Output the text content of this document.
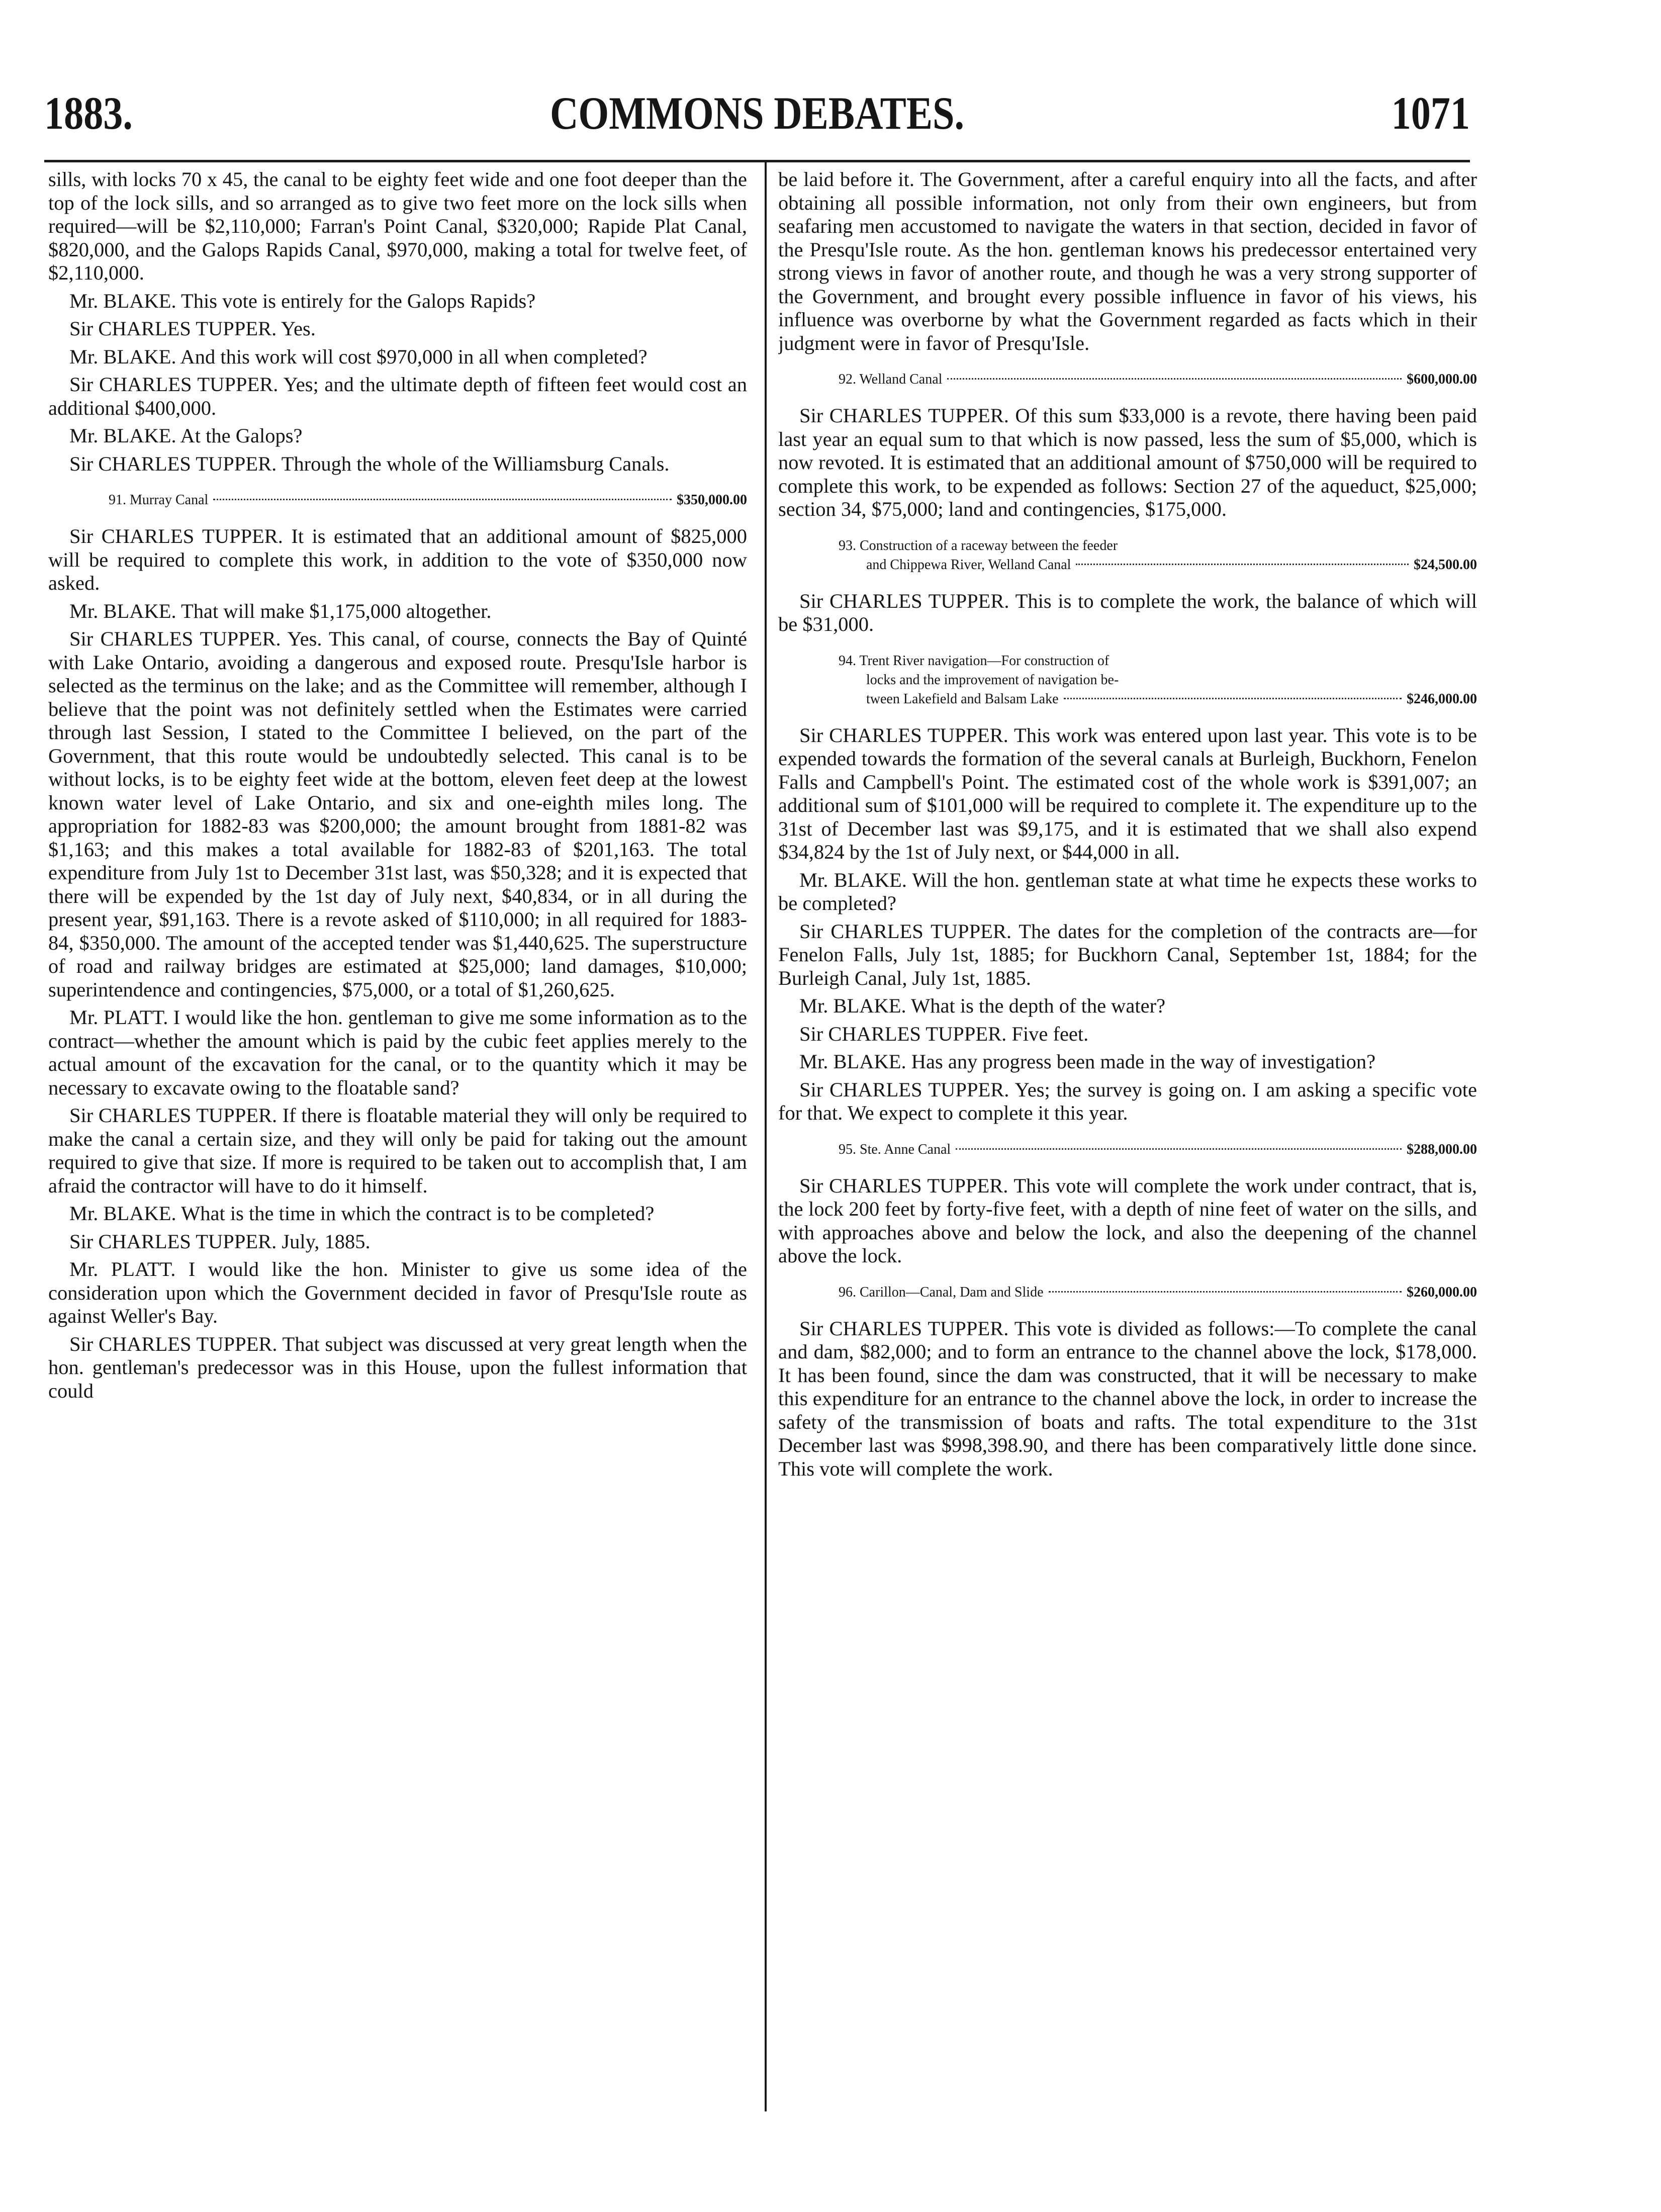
1883.	COMMONS DEBATES.	1071

sills, with locks 70 x 45, the canal to be eighty feet wide and one foot deeper than the top of the lock sills, and so arranged as to give two feet more on the lock sills when required—will be $2,110,000; Farran's Point Canal, $320,000; Rapide Plat Canal, $820,000, and the Galops Rapids Canal, $970,000, making a total for twelve feet, of $2,110,000.

Mr. BLAKE. This vote is entirely for the Galops Rapids?

Sir CHARLES TUPPER. Yes.

Mr. BLAKE. And this work will cost $970,000 in all when completed?

Sir CHARLES TUPPER. Yes; and the ultimate depth of fifteen feet would cost an additional $400,000.

Mr. BLAKE. At the Galops?

Sir CHARLES TUPPER. Through the whole of the Williamsburg Canals.

91. Murray Canal	$350,000.00

Sir CHARLES TUPPER. It is estimated that an additional amount of $825,000 will be required to complete this work, in addition to the vote of $350,000 now asked.

Mr. BLAKE. That will make $1,175,000 altogether.

Sir CHARLES TUPPER. Yes. This canal, of course, connects the Bay of Quinté with Lake Ontario, avoiding a dangerous and exposed route. Presqu'Isle harbor is selected as the terminus on the lake; and as the Committee will remember, although I believe that the point was not definitely settled when the Estimates were carried through last Session, I stated to the Committee I believed, on the part of the Government, that this route would be undoubtedly selected. This canal is to be without locks, is to be eighty feet wide at the bottom, eleven feet deep at the lowest known water level of Lake Ontario, and six and one-eighth miles long. The appropriation for 1882-83 was $200,000; the amount brought from 1881-82 was $1,163; and this makes a total available for 1882-83 of $201,163. The total expenditure from July 1st to December 31st last, was $50,328; and it is expected that there will be expended by the 1st day of July next, $40,834, or in all during the present year, $91,163. There is a revote asked of $110,000; in all required for 1883-84, $350,000. The amount of the accepted tender was $1,440,625. The superstructure of road and railway bridges are estimated at $25,000; land damages, $10,000; superintendence and contingencies, $75,000, or a total of $1,260,625.

Mr. PLATT. I would like the hon. gentleman to give me some information as to the contract—whether the amount which is paid by the cubic feet applies merely to the actual amount of the excavation for the canal, or to the quantity which it may be necessary to excavate owing to the floatable sand?

Sir CHARLES TUPPER. If there is floatable material they will only be required to make the canal a certain size, and they will only be paid for taking out the amount required to give that size. If more is required to be taken out to accomplish that, I am afraid the contractor will have to do it himself.

Mr. BLAKE. What is the time in which the contract is to be completed?

Sir CHARLES TUPPER. July, 1885.

Mr. PLATT. I would like the hon. Minister to give us some idea of the consideration upon which the Government decided in favor of Presqu'Isle route as against Weller's Bay.

Sir CHARLES TUPPER. That subject was discussed at very great length when the hon. gentleman's predecessor was in this House, upon the fullest information that could

be laid before it. The Government, after a careful enquiry into all the facts, and after obtaining all possible information, not only from their own engineers, but from seafaring men accustomed to navigate the waters in that section, decided in favor of the Presqu'Isle route. As the hon. gentleman knows his predecessor entertained very strong views in favor of another route, and though he was a very strong supporter of the Government, and brought every possible influence in favor of his views, his influence was overborne by what the Government regarded as facts which in their judgment were in favor of Presqu'Isle.

92. Welland Canal	$600,000.00

Sir CHARLES TUPPER. Of this sum $33,000 is a revote, there having been paid last year an equal sum to that which is now passed, less the sum of $5,000, which is now revoted. It is estimated that an additional amount of $750,000 will be required to complete this work, to be expended as follows: Section 27 of the aqueduct, $25,000; section 34, $75,000; land and contingencies, $175,000.

93. Construction of a raceway between the feeder
and Chippewa River, Welland Canal	$24,500.00

Sir CHARLES TUPPER. This is to complete the work, the balance of which will be $31,000.

94. Trent River navigation—For construction of
locks and the improvement of navigation be-
tween Lakefield and Balsam Lake	$246,000.00

Sir CHARLES TUPPER. This work was entered upon last year. This vote is to be expended towards the formation of the several canals at Burleigh, Buckhorn, Fenelon Falls and Campbell's Point. The estimated cost of the whole work is $391,007; an additional sum of $101,000 will be required to complete it. The expenditure up to the 31st of December last was $9,175, and it is estimated that we shall also expend $34,824 by the 1st of July next, or $44,000 in all.

Mr. BLAKE. Will the hon. gentleman state at what time he expects these works to be completed?

Sir CHARLES TUPPER. The dates for the completion of the contracts are—for Fenelon Falls, July 1st, 1885; for Buckhorn Canal, September 1st, 1884; for the Burleigh Canal, July 1st, 1885.

Mr. BLAKE. What is the depth of the water?

Sir CHARLES TUPPER. Five feet.

Mr. BLAKE. Has any progress been made in the way of investigation?

Sir CHARLES TUPPER. Yes; the survey is going on. I am asking a specific vote for that. We expect to complete it this year.

95. Ste. Anne Canal	$288,000.00

Sir CHARLES TUPPER. This vote will complete the work under contract, that is, the lock 200 feet by forty-five feet, with a depth of nine feet of water on the sills, and with approaches above and below the lock, and also the deepening of the channel above the lock.

96. Carillon—Canal, Dam and Slide	$260,000.00

Sir CHARLES TUPPER. This vote is divided as follows:—To complete the canal and dam, $82,000; and to form an entrance to the channel above the lock, $178,000. It has been found, since the dam was constructed, that it will be necessary to make this expenditure for an entrance to the channel above the lock, in order to increase the safety of the transmission of boats and rafts. The total expenditure to the 31st December last was $998,398.90, and there has been comparatively little done since. This vote will complete the work.
